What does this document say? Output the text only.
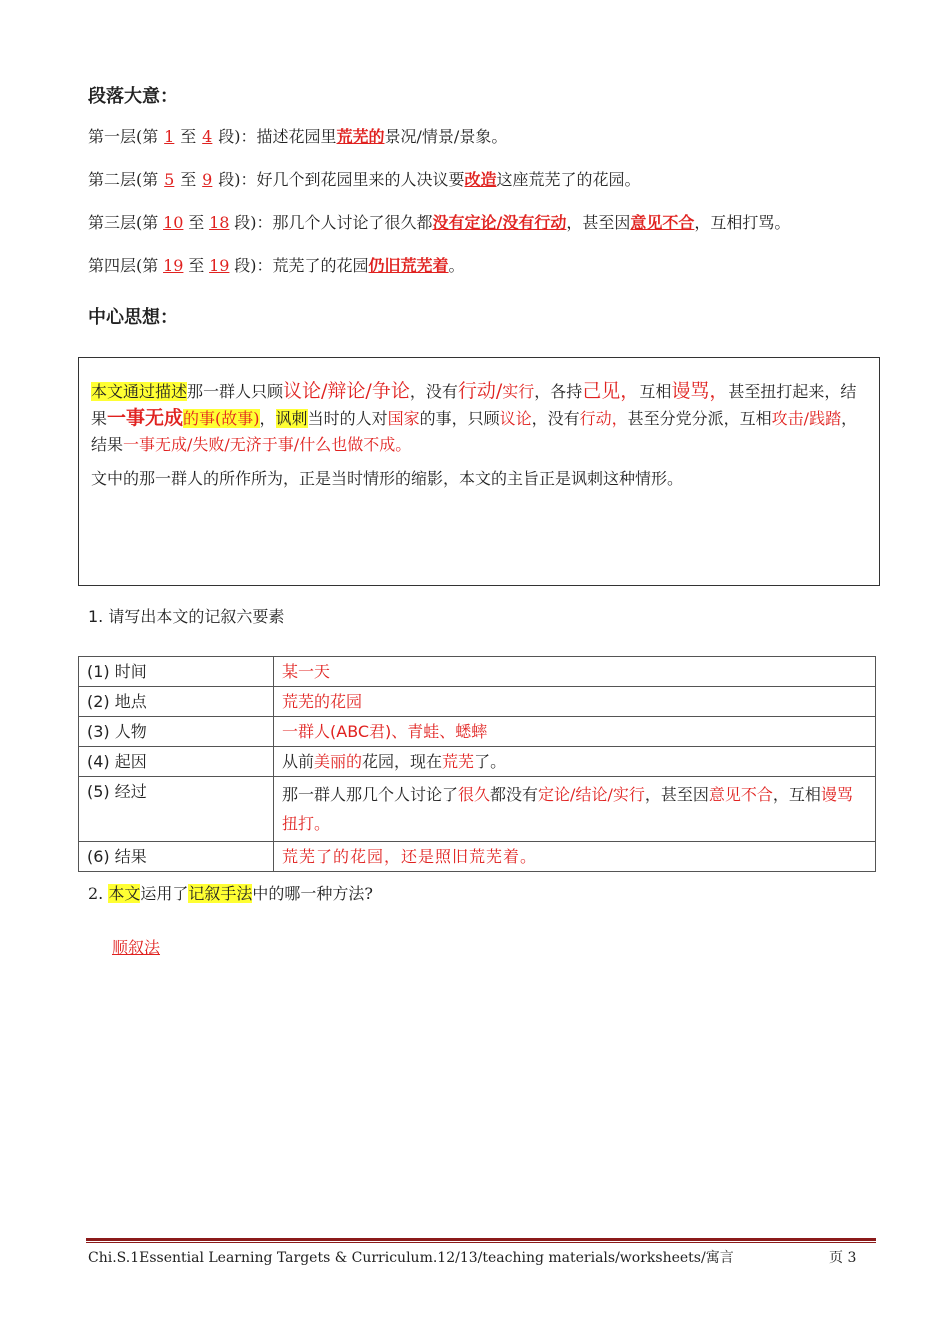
段落大意：
第一层(第 1 至 4 段)：描述花园里荒芜的景况/情景/景象。
第二层(第 5 至 9 段)：好几个到花园里来的人决议要改造这座荒芜了的花园。
第三层(第 10 至 18 段)：那几个人讨论了很久都没有定论/没有行动，甚至因意见不合，互相打骂。
第四层(第 19 至 19 段)：荒芜了的花园仍旧荒芜着。
中心思想：

本文通过描述那一群人只顾议论/辩论/争论，没有行动/实行，各持己见，互相谩骂，甚至扭打起来，结果一事无成的事(故事)，讽刺当时的人对国家的事，只顾议论，没有行动，甚至分党分派，互相攻击/践踏，结果一事无成/失败/无济于事/什么也做不成。

文中的那一群人的所作所为，正是当时情形的缩影，本文的主旨正是讽刺这种情形。

1. 请写出本文的记叙六要素
(1) 时间	某一天
(2) 地点	荒芜的花园
(3) 人物	一群人(ABC君)、青蛙、蟋蟀
(4) 起因	从前美丽的花园，现在荒芜了。
(5) 经过	那一群人那几个人讨论了很久都没有定论/结论/实行，甚至因意见不合，互相谩骂扭打。
(6) 结果	荒芜了的花园，还是照旧荒芜着。
2. 本文运用了记叙手法中的哪一种方法?
顺叙法
Chi.S.1Essential Learning Targets & Curriculum.12/13/teaching materials/worksheets/寓言	页 3
